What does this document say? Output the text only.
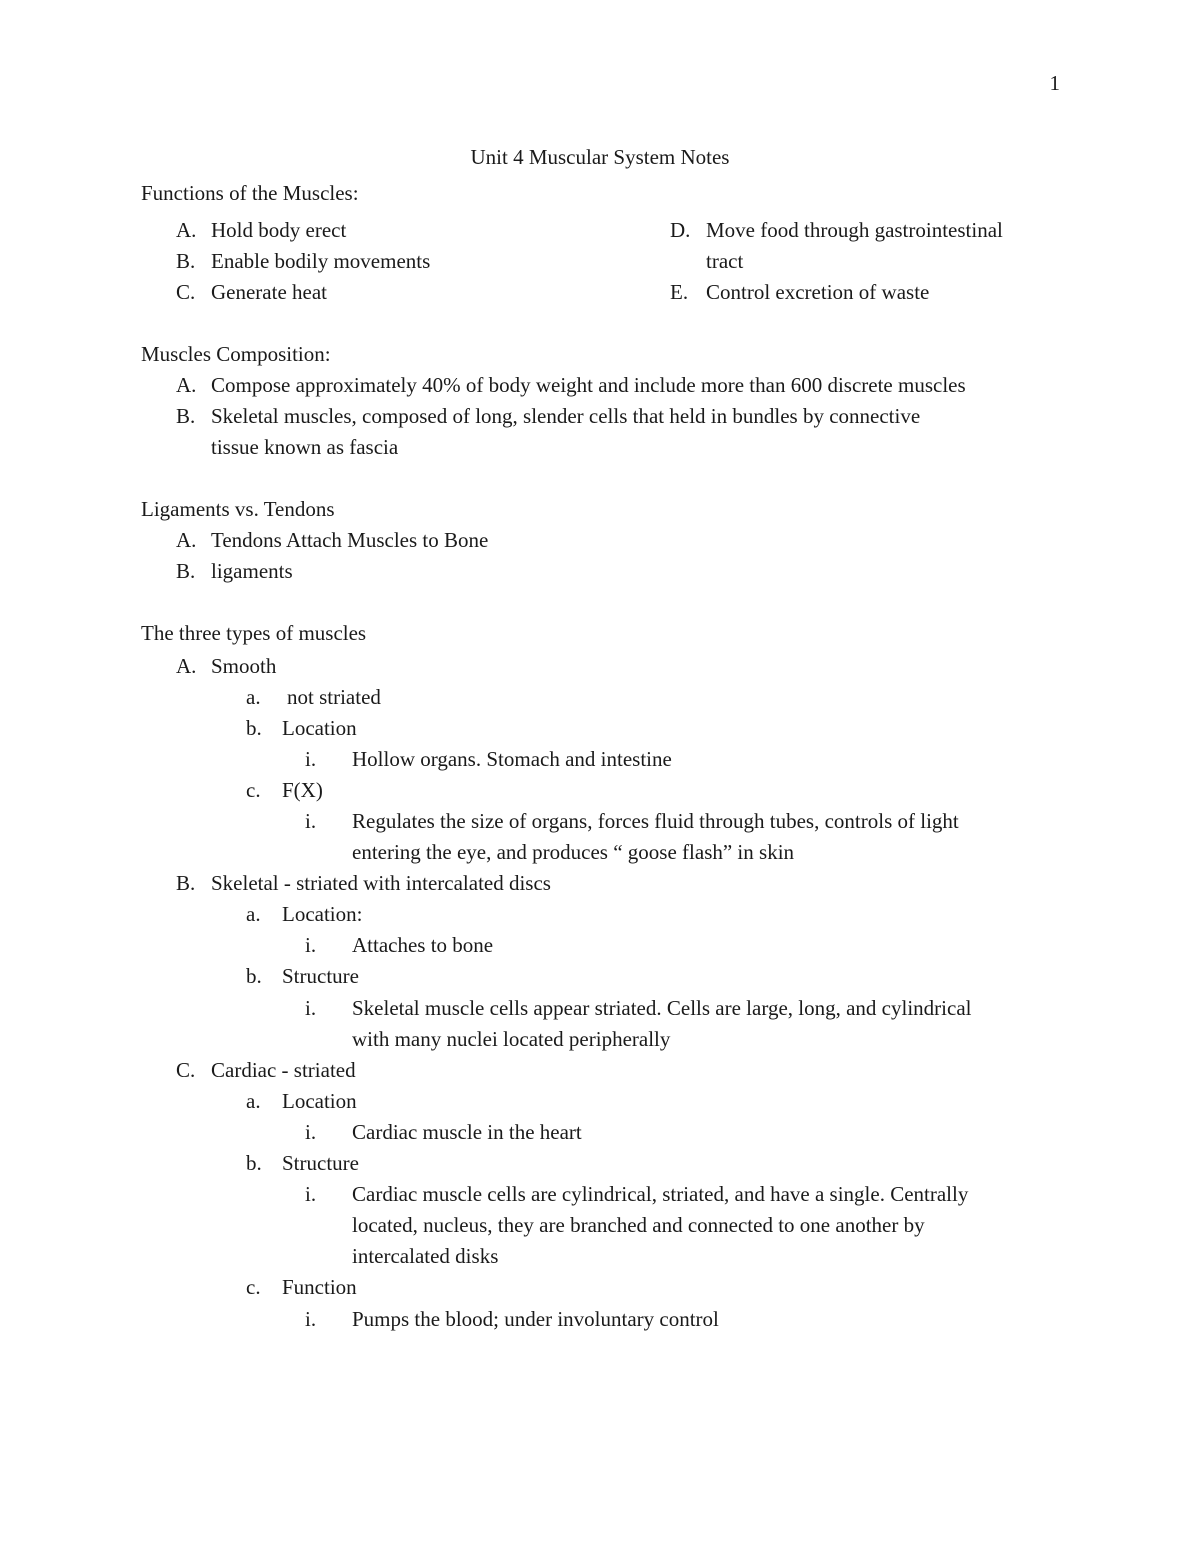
1
Unit 4 Muscular System Notes
Functions of the Muscles:
A. Hold body erect
B. Enable bodily movements
C. Generate heat
D. Move food through gastrointestinal
tract
E. Control excretion of waste
Muscles Composition:
A. Compose approximately 40% of body weight and include more than 600 discrete muscles
B. Skeletal muscles, composed of long, slender cells that held in bundles by connective
tissue known as fascia
Ligaments vs. Tendons
A. Tendons Attach Muscles to Bone
B. ligaments
The three types of muscles
A. Smooth
a. not striated
b. Location
i. Hollow organs. Stomach and intestine
c. F(X)
i. Regulates the size of organs, forces fluid through tubes, controls of light
entering the eye, and produces “ goose flash” in skin
B. Skeletal - striated with intercalated discs
a. Location:
i. Attaches to bone
b. Structure
i. Skeletal muscle cells appear striated. Cells are large, long, and cylindrical
with many nuclei located peripherally
C. Cardiac - striated
a. Location
i. Cardiac muscle in the heart
b. Structure
i. Cardiac muscle cells are cylindrical, striated, and have a single. Centrally
located, nucleus, they are branched and connected to one another by
intercalated disks
c. Function
i. Pumps the blood; under involuntary control
